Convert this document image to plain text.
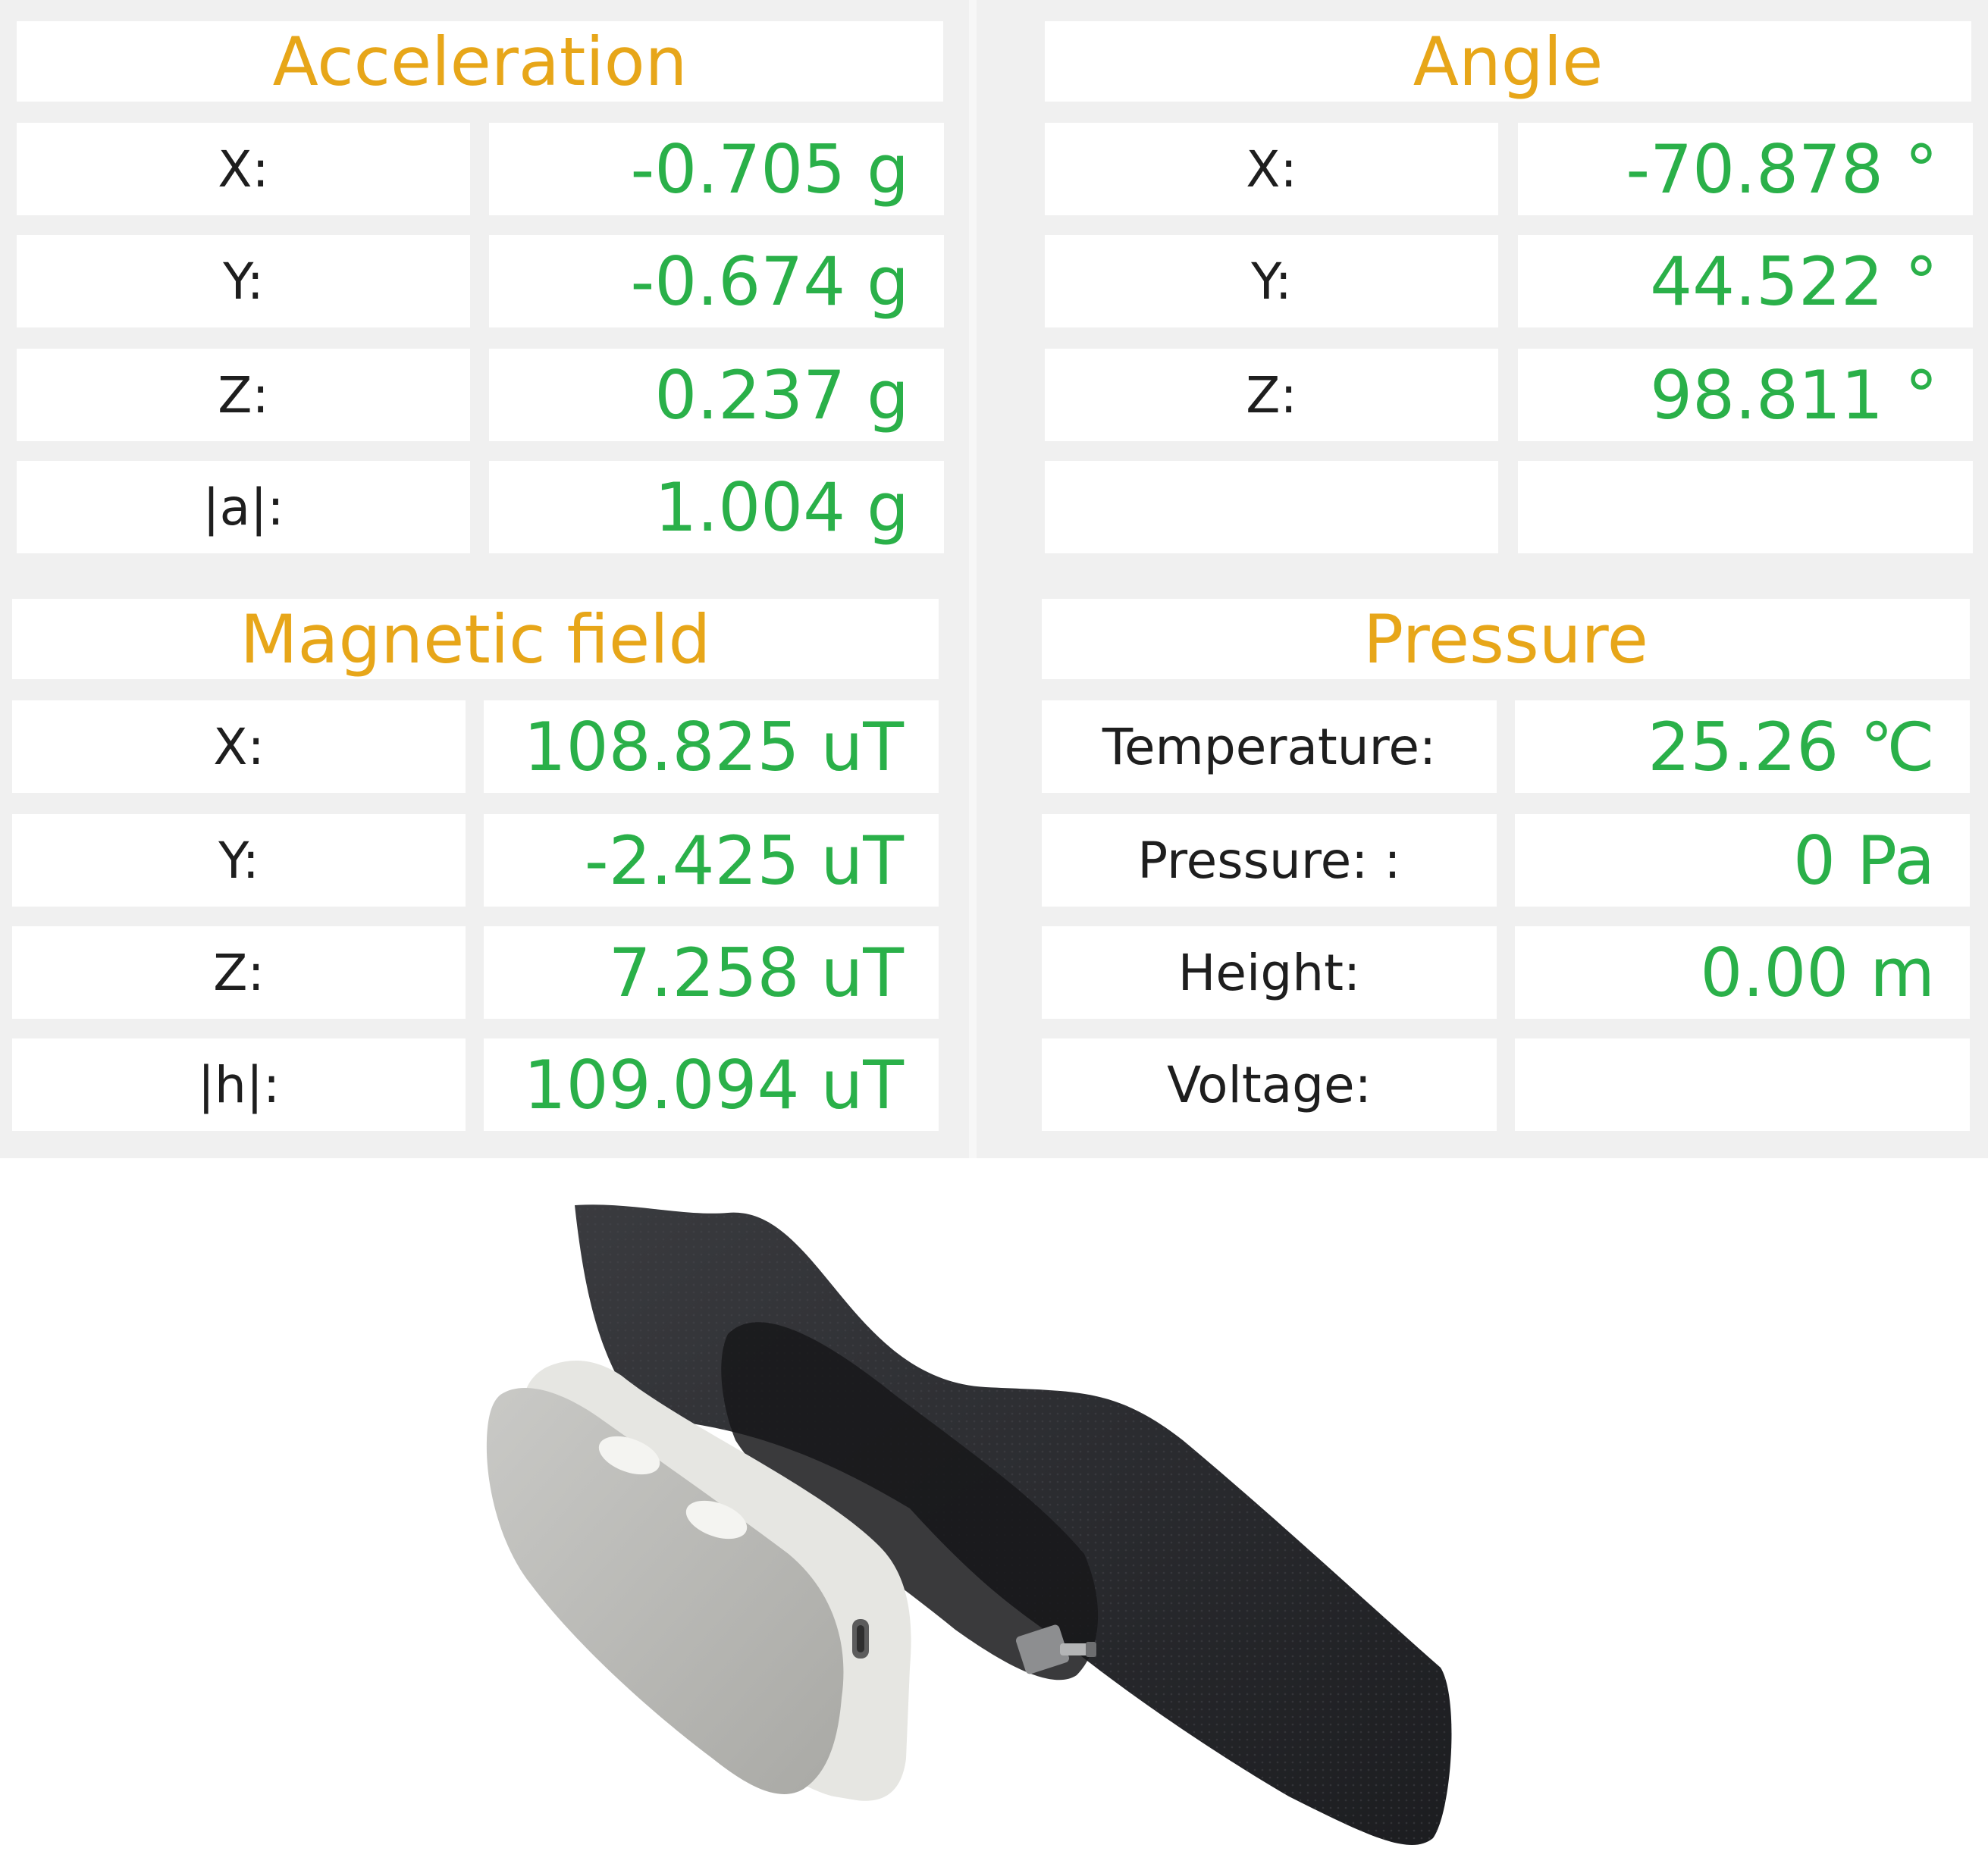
Acceleration
X:	-0.705 g
Y:	-0.674 g
Z:	0.237 g
|a|:	1.004 g
Angle
X:	-70.878 °
Y:	44.522 °
Z:	98.811 °
Magnetic field
X:	108.825 uT
Y:	-2.425 uT
Z:	7.258 uT
|h|:	109.094 uT
Pressure
Temperature:	25.26 ℃
Pressure: :	0 Pa
Height:	0.00 m
Voltage:
